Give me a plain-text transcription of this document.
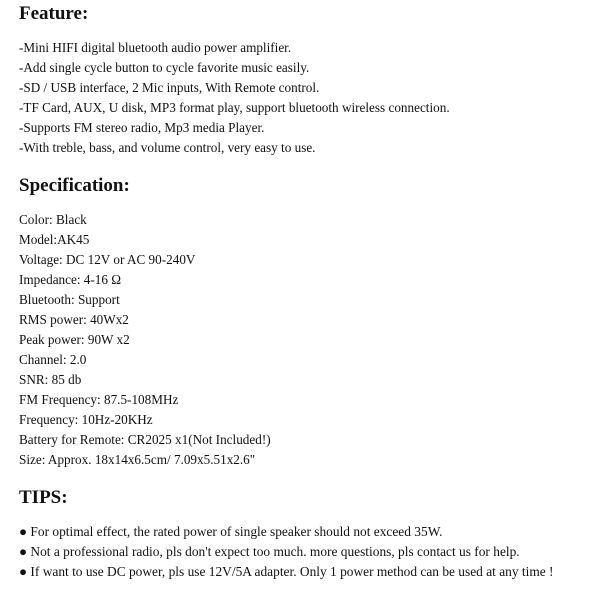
Feature:
-Mini HIFI digital bluetooth audio power amplifier.
-Add single cycle button to cycle favorite music easily.
-SD / USB interface, 2 Mic inputs, With Remote control.
-TF Card, AUX, U disk, MP3 format play, support bluetooth wireless connection.
-Supports FM stereo radio, Mp3 media Player.
-With treble, bass, and volume control, very easy to use.
Specification:
Color: Black
Model:AK45
Voltage: DC 12V or AC 90-240V
Impedance: 4-16 Ω
Bluetooth: Support
RMS power: 40Wx2
Peak power: 90W x2
Channel: 2.0
SNR: 85 db
FM Frequency: 87.5-108MHz
Frequency: 10Hz-20KHz
Battery for Remote: CR2025 x1(Not Included!)
Size: Approx. 18x14x6.5cm/ 7.09x5.51x2.6"
TIPS:
● For optimal effect, the rated power of single speaker should not exceed 35W.
● Not a professional radio, pls don't expect too much. more questions, pls contact us for help.
● If want to use DC power, pls use 12V/5A adapter. Only 1 power method can be used at any time !
